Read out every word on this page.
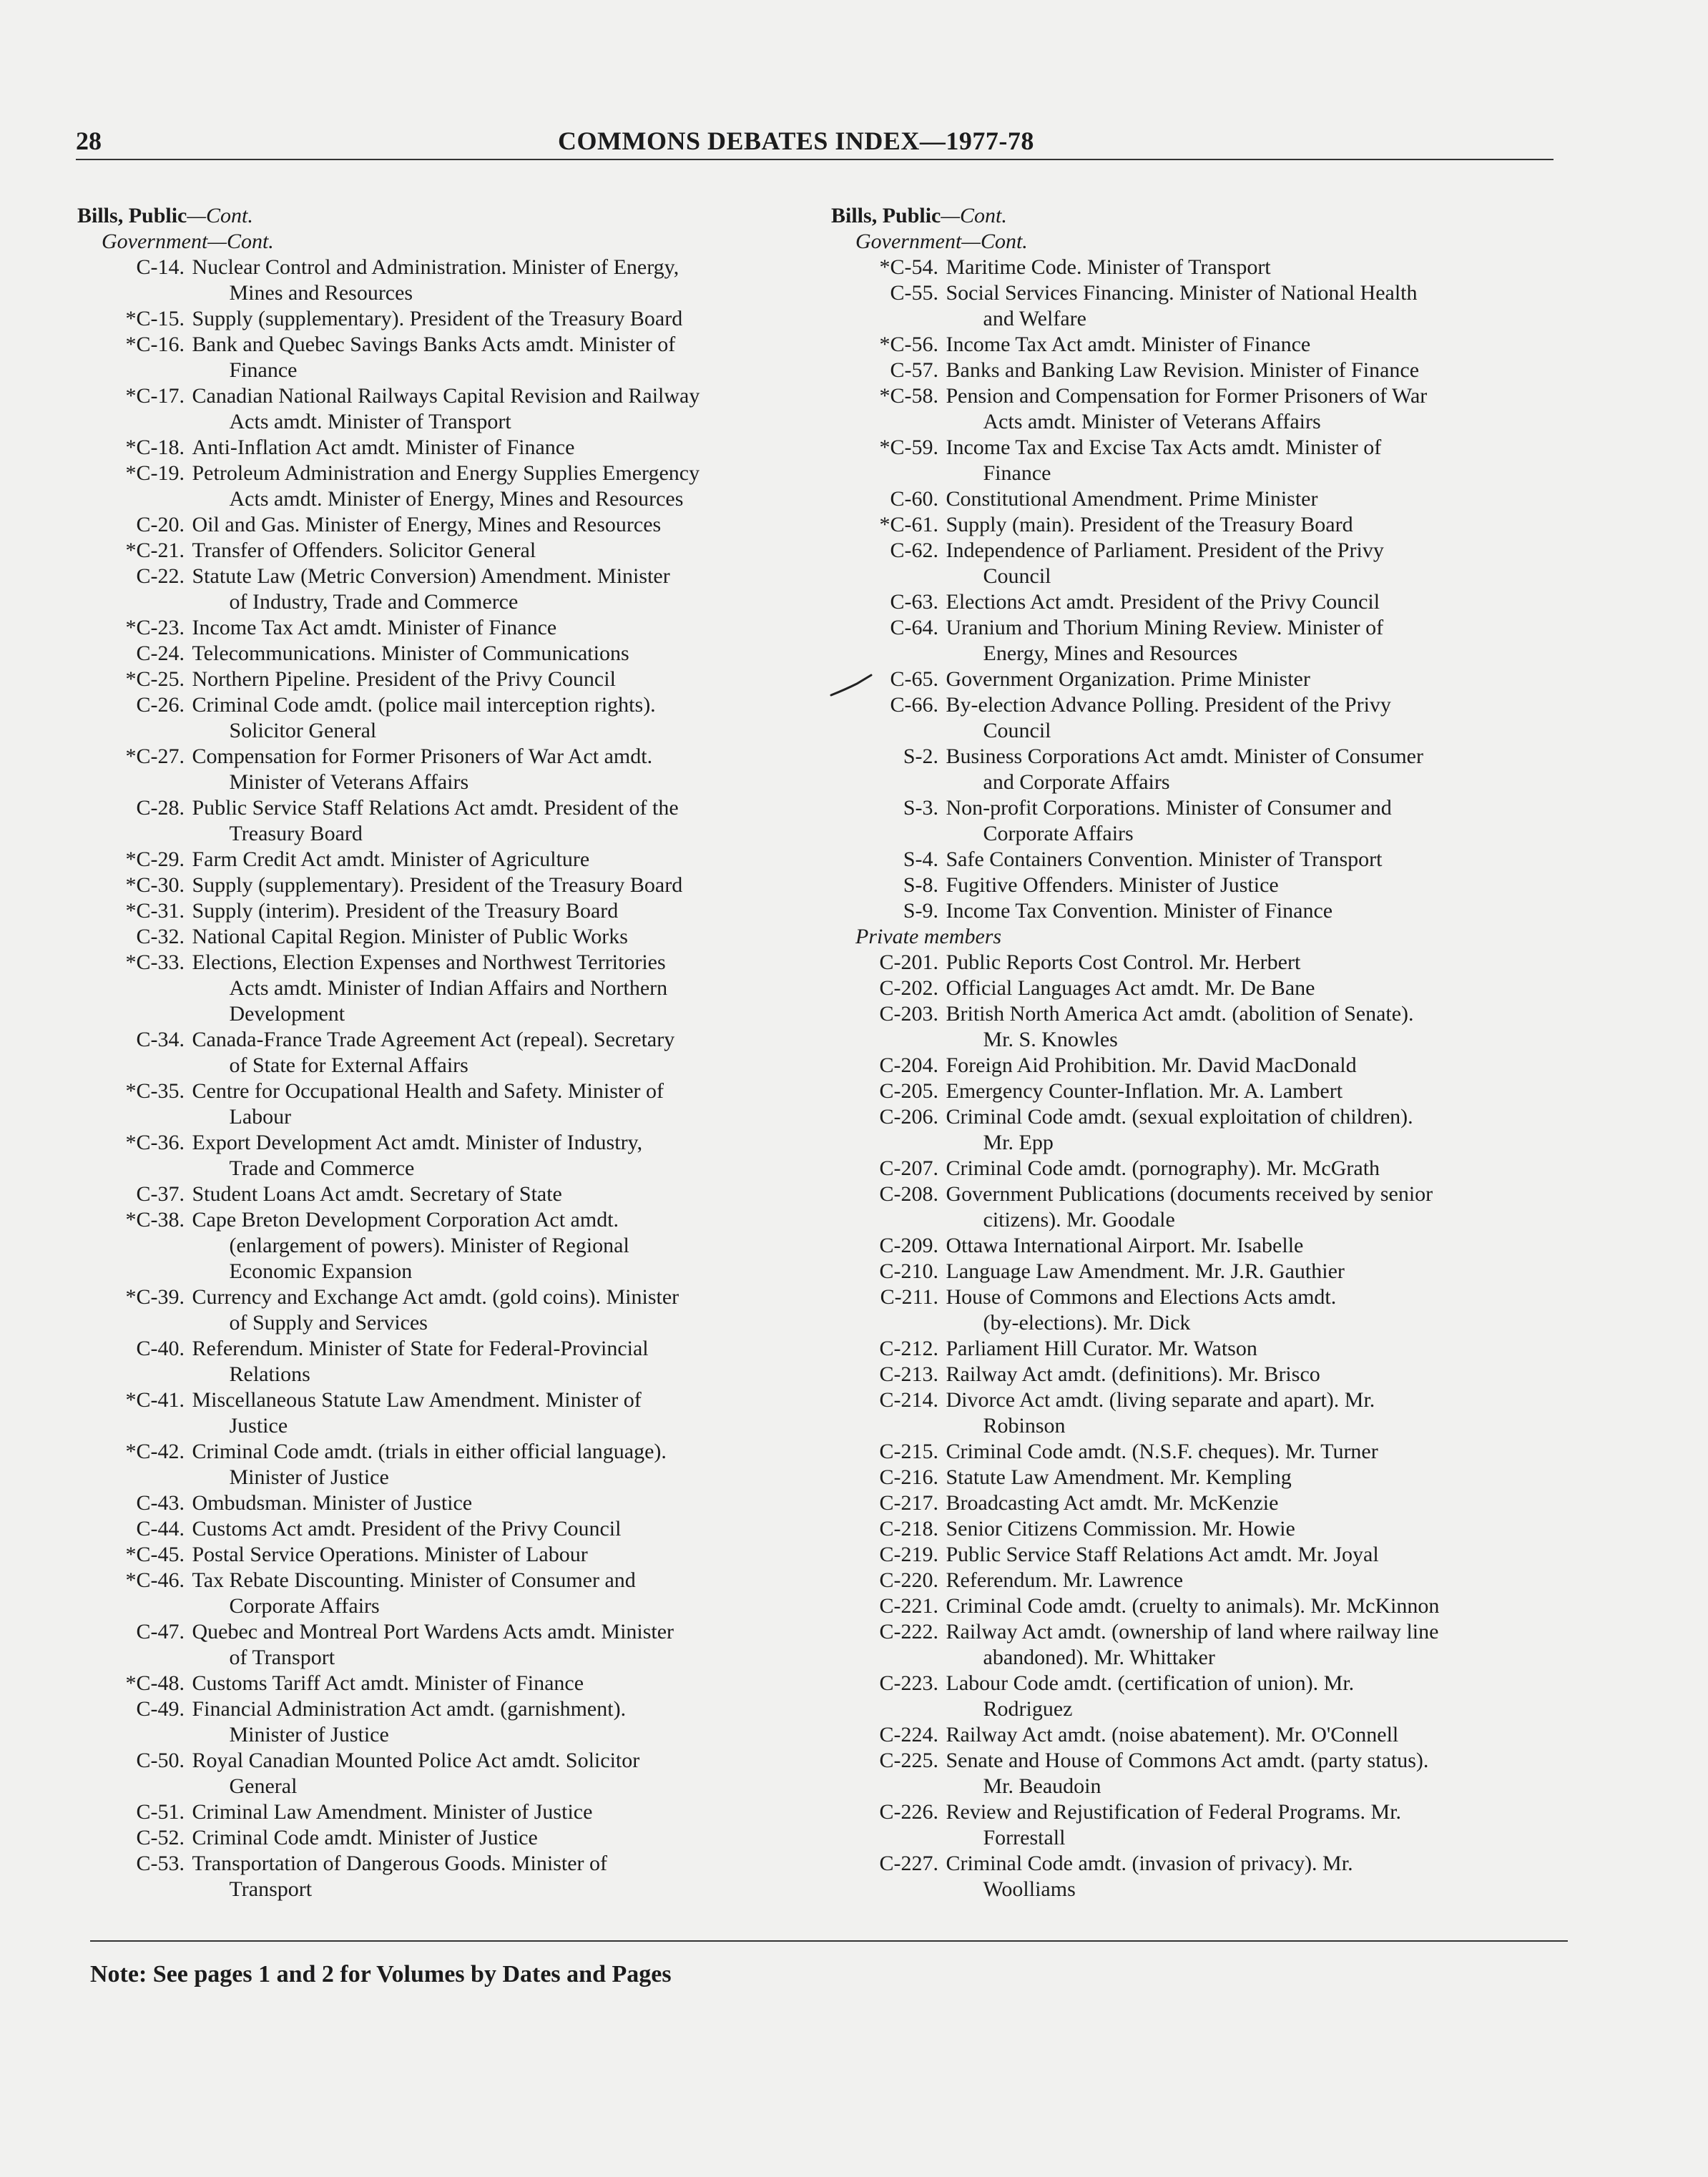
28	COMMONS DEBATES INDEX—1977-78
Bills, Public—Cont.
Government—Cont.
C-14. Nuclear Control and Administration. Minister of Energy,
Mines and Resources
*C-15. Supply (supplementary). President of the Treasury Board
*C-16. Bank and Quebec Savings Banks Acts amdt. Minister of
Finance
*C-17. Canadian National Railways Capital Revision and Railway
Acts amdt. Minister of Transport
*C-18. Anti-Inflation Act amdt. Minister of Finance
*C-19. Petroleum Administration and Energy Supplies Emergency
Acts amdt. Minister of Energy, Mines and Resources
C-20. Oil and Gas. Minister of Energy, Mines and Resources
*C-21. Transfer of Offenders. Solicitor General
C-22. Statute Law (Metric Conversion) Amendment. Minister
of Industry, Trade and Commerce
*C-23. Income Tax Act amdt. Minister of Finance
C-24. Telecommunications. Minister of Communications
*C-25. Northern Pipeline. President of the Privy Council
C-26. Criminal Code amdt. (police mail interception rights).
Solicitor General
*C-27. Compensation for Former Prisoners of War Act amdt.
Minister of Veterans Affairs
C-28. Public Service Staff Relations Act amdt. President of the
Treasury Board
*C-29. Farm Credit Act amdt. Minister of Agriculture
*C-30. Supply (supplementary). President of the Treasury Board
*C-31. Supply (interim). President of the Treasury Board
C-32. National Capital Region. Minister of Public Works
*C-33. Elections, Election Expenses and Northwest Territories
Acts amdt. Minister of Indian Affairs and Northern
Development
C-34. Canada-France Trade Agreement Act (repeal). Secretary
of State for External Affairs
*C-35. Centre for Occupational Health and Safety. Minister of
Labour
*C-36. Export Development Act amdt. Minister of Industry,
Trade and Commerce
C-37. Student Loans Act amdt. Secretary of State
*C-38. Cape Breton Development Corporation Act amdt.
(enlargement of powers). Minister of Regional
Economic Expansion
*C-39. Currency and Exchange Act amdt. (gold coins). Minister
of Supply and Services
C-40. Referendum. Minister of State for Federal-Provincial
Relations
*C-41. Miscellaneous Statute Law Amendment. Minister of
Justice
*C-42. Criminal Code amdt. (trials in either official language).
Minister of Justice
C-43. Ombudsman. Minister of Justice
C-44. Customs Act amdt. President of the Privy Council
*C-45. Postal Service Operations. Minister of Labour
*C-46. Tax Rebate Discounting. Minister of Consumer and
Corporate Affairs
C-47. Quebec and Montreal Port Wardens Acts amdt. Minister
of Transport
*C-48. Customs Tariff Act amdt. Minister of Finance
C-49. Financial Administration Act amdt. (garnishment).
Minister of Justice
C-50. Royal Canadian Mounted Police Act amdt. Solicitor
General
C-51. Criminal Law Amendment. Minister of Justice
C-52. Criminal Code amdt. Minister of Justice
C-53. Transportation of Dangerous Goods. Minister of
Transport
Bills, Public—Cont.
Government—Cont.
*C-54. Maritime Code. Minister of Transport
C-55. Social Services Financing. Minister of National Health
and Welfare
*C-56. Income Tax Act amdt. Minister of Finance
C-57. Banks and Banking Law Revision. Minister of Finance
*C-58. Pension and Compensation for Former Prisoners of War
Acts amdt. Minister of Veterans Affairs
*C-59. Income Tax and Excise Tax Acts amdt. Minister of
Finance
C-60. Constitutional Amendment. Prime Minister
*C-61. Supply (main). President of the Treasury Board
C-62. Independence of Parliament. President of the Privy
Council
C-63. Elections Act amdt. President of the Privy Council
C-64. Uranium and Thorium Mining Review. Minister of
Energy, Mines and Resources
C-65. Government Organization. Prime Minister
C-66. By-election Advance Polling. President of the Privy
Council
S-2. Business Corporations Act amdt. Minister of Consumer
and Corporate Affairs
S-3. Non-profit Corporations. Minister of Consumer and
Corporate Affairs
S-4. Safe Containers Convention. Minister of Transport
S-8. Fugitive Offenders. Minister of Justice
S-9. Income Tax Convention. Minister of Finance
Private members
C-201. Public Reports Cost Control. Mr. Herbert
C-202. Official Languages Act amdt. Mr. De Bane
C-203. British North America Act amdt. (abolition of Senate).
Mr. S. Knowles
C-204. Foreign Aid Prohibition. Mr. David MacDonald
C-205. Emergency Counter-Inflation. Mr. A. Lambert
C-206. Criminal Code amdt. (sexual exploitation of children).
Mr. Epp
C-207. Criminal Code amdt. (pornography). Mr. McGrath
C-208. Government Publications (documents received by senior
citizens). Mr. Goodale
C-209. Ottawa International Airport. Mr. Isabelle
C-210. Language Law Amendment. Mr. J.R. Gauthier
C-211. House of Commons and Elections Acts amdt.
(by-elections). Mr. Dick
C-212. Parliament Hill Curator. Mr. Watson
C-213. Railway Act amdt. (definitions). Mr. Brisco
C-214. Divorce Act amdt. (living separate and apart). Mr.
Robinson
C-215. Criminal Code amdt. (N.S.F. cheques). Mr. Turner
C-216. Statute Law Amendment. Mr. Kempling
C-217. Broadcasting Act amdt. Mr. McKenzie
C-218. Senior Citizens Commission. Mr. Howie
C-219. Public Service Staff Relations Act amdt. Mr. Joyal
C-220. Referendum. Mr. Lawrence
C-221. Criminal Code amdt. (cruelty to animals). Mr. McKinnon
C-222. Railway Act amdt. (ownership of land where railway line
abandoned). Mr. Whittaker
C-223. Labour Code amdt. (certification of union). Mr.
Rodriguez
C-224. Railway Act amdt. (noise abatement). Mr. O'Connell
C-225. Senate and House of Commons Act amdt. (party status).
Mr. Beaudoin
C-226. Review and Rejustification of Federal Programs. Mr.
Forrestall
C-227. Criminal Code amdt. (invasion of privacy). Mr.
Woolliams
Note: See pages 1 and 2 for Volumes by Dates and Pages
